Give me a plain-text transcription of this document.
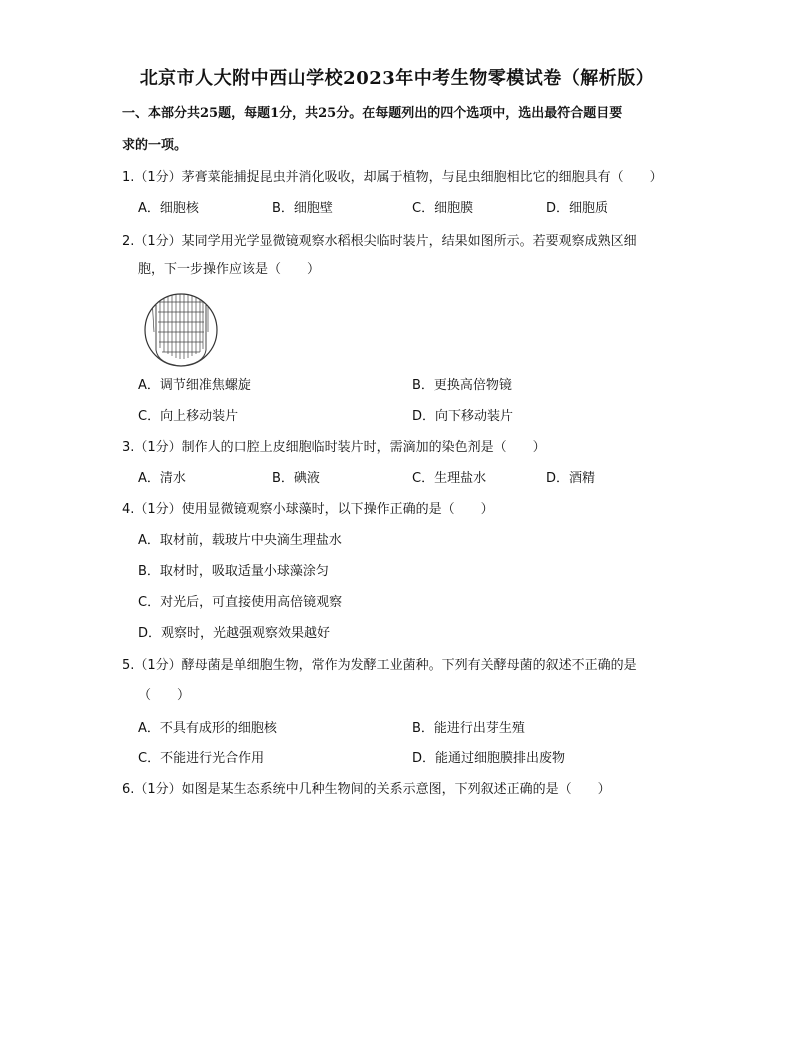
北京市人大附中西山学校2023年中考生物零模试卷（解析版）
一、本部分共25题，每题1分，共25分。在每题列出的四个选项中，选出最符合题目要
求的一项。
1.（1分）茅膏菜能捕捉昆虫并消化吸收，却属于植物，与昆虫细胞相比它的细胞具有（　　）
A．细胞核	B．细胞壁	C．细胞膜	D．细胞质
2.（1分）某同学用光学显微镜观察水稻根尖临时装片，结果如图所示。若要观察成熟区细
胞，下一步操作应该是（　　）
A．调节细准焦螺旋	B．更换高倍物镜
C．向上移动装片	D．向下移动装片
3.（1分）制作人的口腔上皮细胞临时装片时，需滴加的染色剂是（　　）
A．清水	B．碘液	C．生理盐水	D．酒精
4.（1分）使用显微镜观察小球藻时，以下操作正确的是（　　）
A．取材前，载玻片中央滴生理盐水
B．取材时，吸取适量小球藻涂匀
C．对光后，可直接使用高倍镜观察
D．观察时，光越强观察效果越好
5.（1分）酵母菌是单细胞生物，常作为发酵工业菌种。下列有关酵母菌的叙述不正确的是
（　　）
A．不具有成形的细胞核	B．能进行出芽生殖
C．不能进行光合作用	D．能通过细胞膜排出废物
6.（1分）如图是某生态系统中几种生物间的关系示意图，下列叙述正确的是（　　）
